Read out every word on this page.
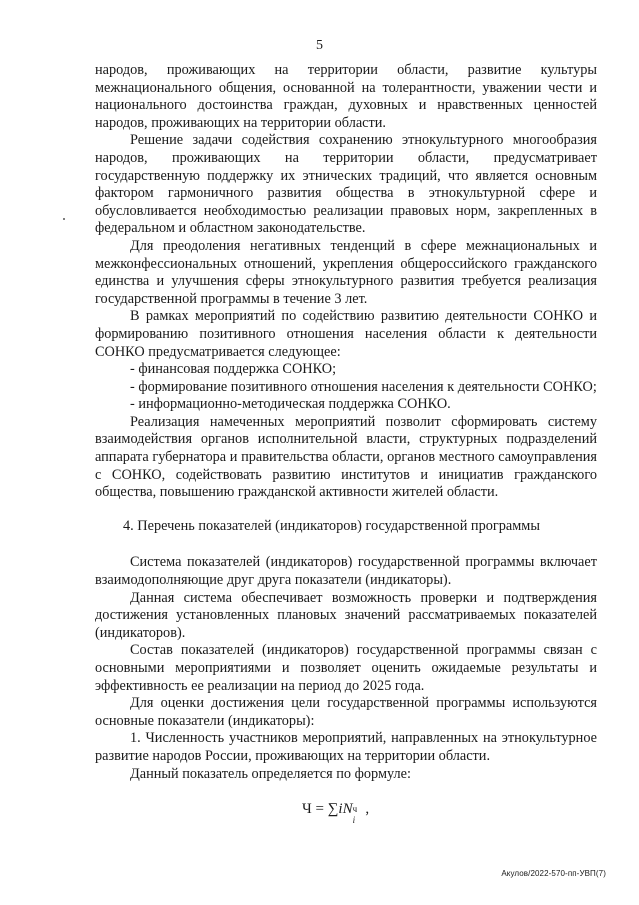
5

народов, проживающих на территории области, развитие культуры межнационального общения, основанной на толерантности, уважении чести и национального достоинства граждан, духовных и нравственных ценностей народов, проживающих на территории области.

Решение задачи содействия сохранению этнокультурного многообразия народов, проживающих на территории области, предусматривает государственную поддержку их этнических традиций, что является основным фактором гармоничного развития общества в этнокультурной сфере и обусловливается необходимостью реализации правовых норм, закрепленных в федеральном и областном законодательстве.

Для преодоления негативных тенденций в сфере межнациональных и межконфессиональных отношений, укрепления общероссийского гражданского единства и улучшения сферы этнокультурного развития требуется реализация государственной программы в течение 3 лет.

В рамках мероприятий по содействию развитию деятельности СОНКО и формированию позитивного отношения населения области к деятельности СОНКО предусматривается следующее:

- финансовая поддержка СОНКО;

- формирование позитивного отношения населения к деятельности СОНКО;

- информационно-методическая поддержка СОНКО.

Реализация намеченных мероприятий позволит сформировать систему взаимодействия органов исполнительной власти, структурных подразделений аппарата губернатора и правительства области, органов местного самоуправления с СОНКО, содействовать развитию институтов и инициатив гражданского общества, повышению гражданской активности жителей области.

4. Перечень показателей (индикаторов) государственной программы

Система показателей (индикаторов) государственной программы включает взаимодополняющие друг друга показатели (индикаторы).

Данная система обеспечивает возможность проверки и подтверждения достижения установленных плановых значений рассматриваемых показателей (индикаторов).

Состав показателей (индикаторов) государственной программы связан с основными мероприятиями и позволяет оценить ожидаемые результаты и эффективность ее реализации на период до 2025 года.

Для оценки достижения цели государственной программы используются основные показатели (индикаторы):

1. Численность участников мероприятий, направленных на этнокультурное развитие народов России, проживающих на территории области.

Данный показатель определяется по формуле:

Ч = ∑iN ч
i
,

Акулов/2022-570-пп-УВП(7)
